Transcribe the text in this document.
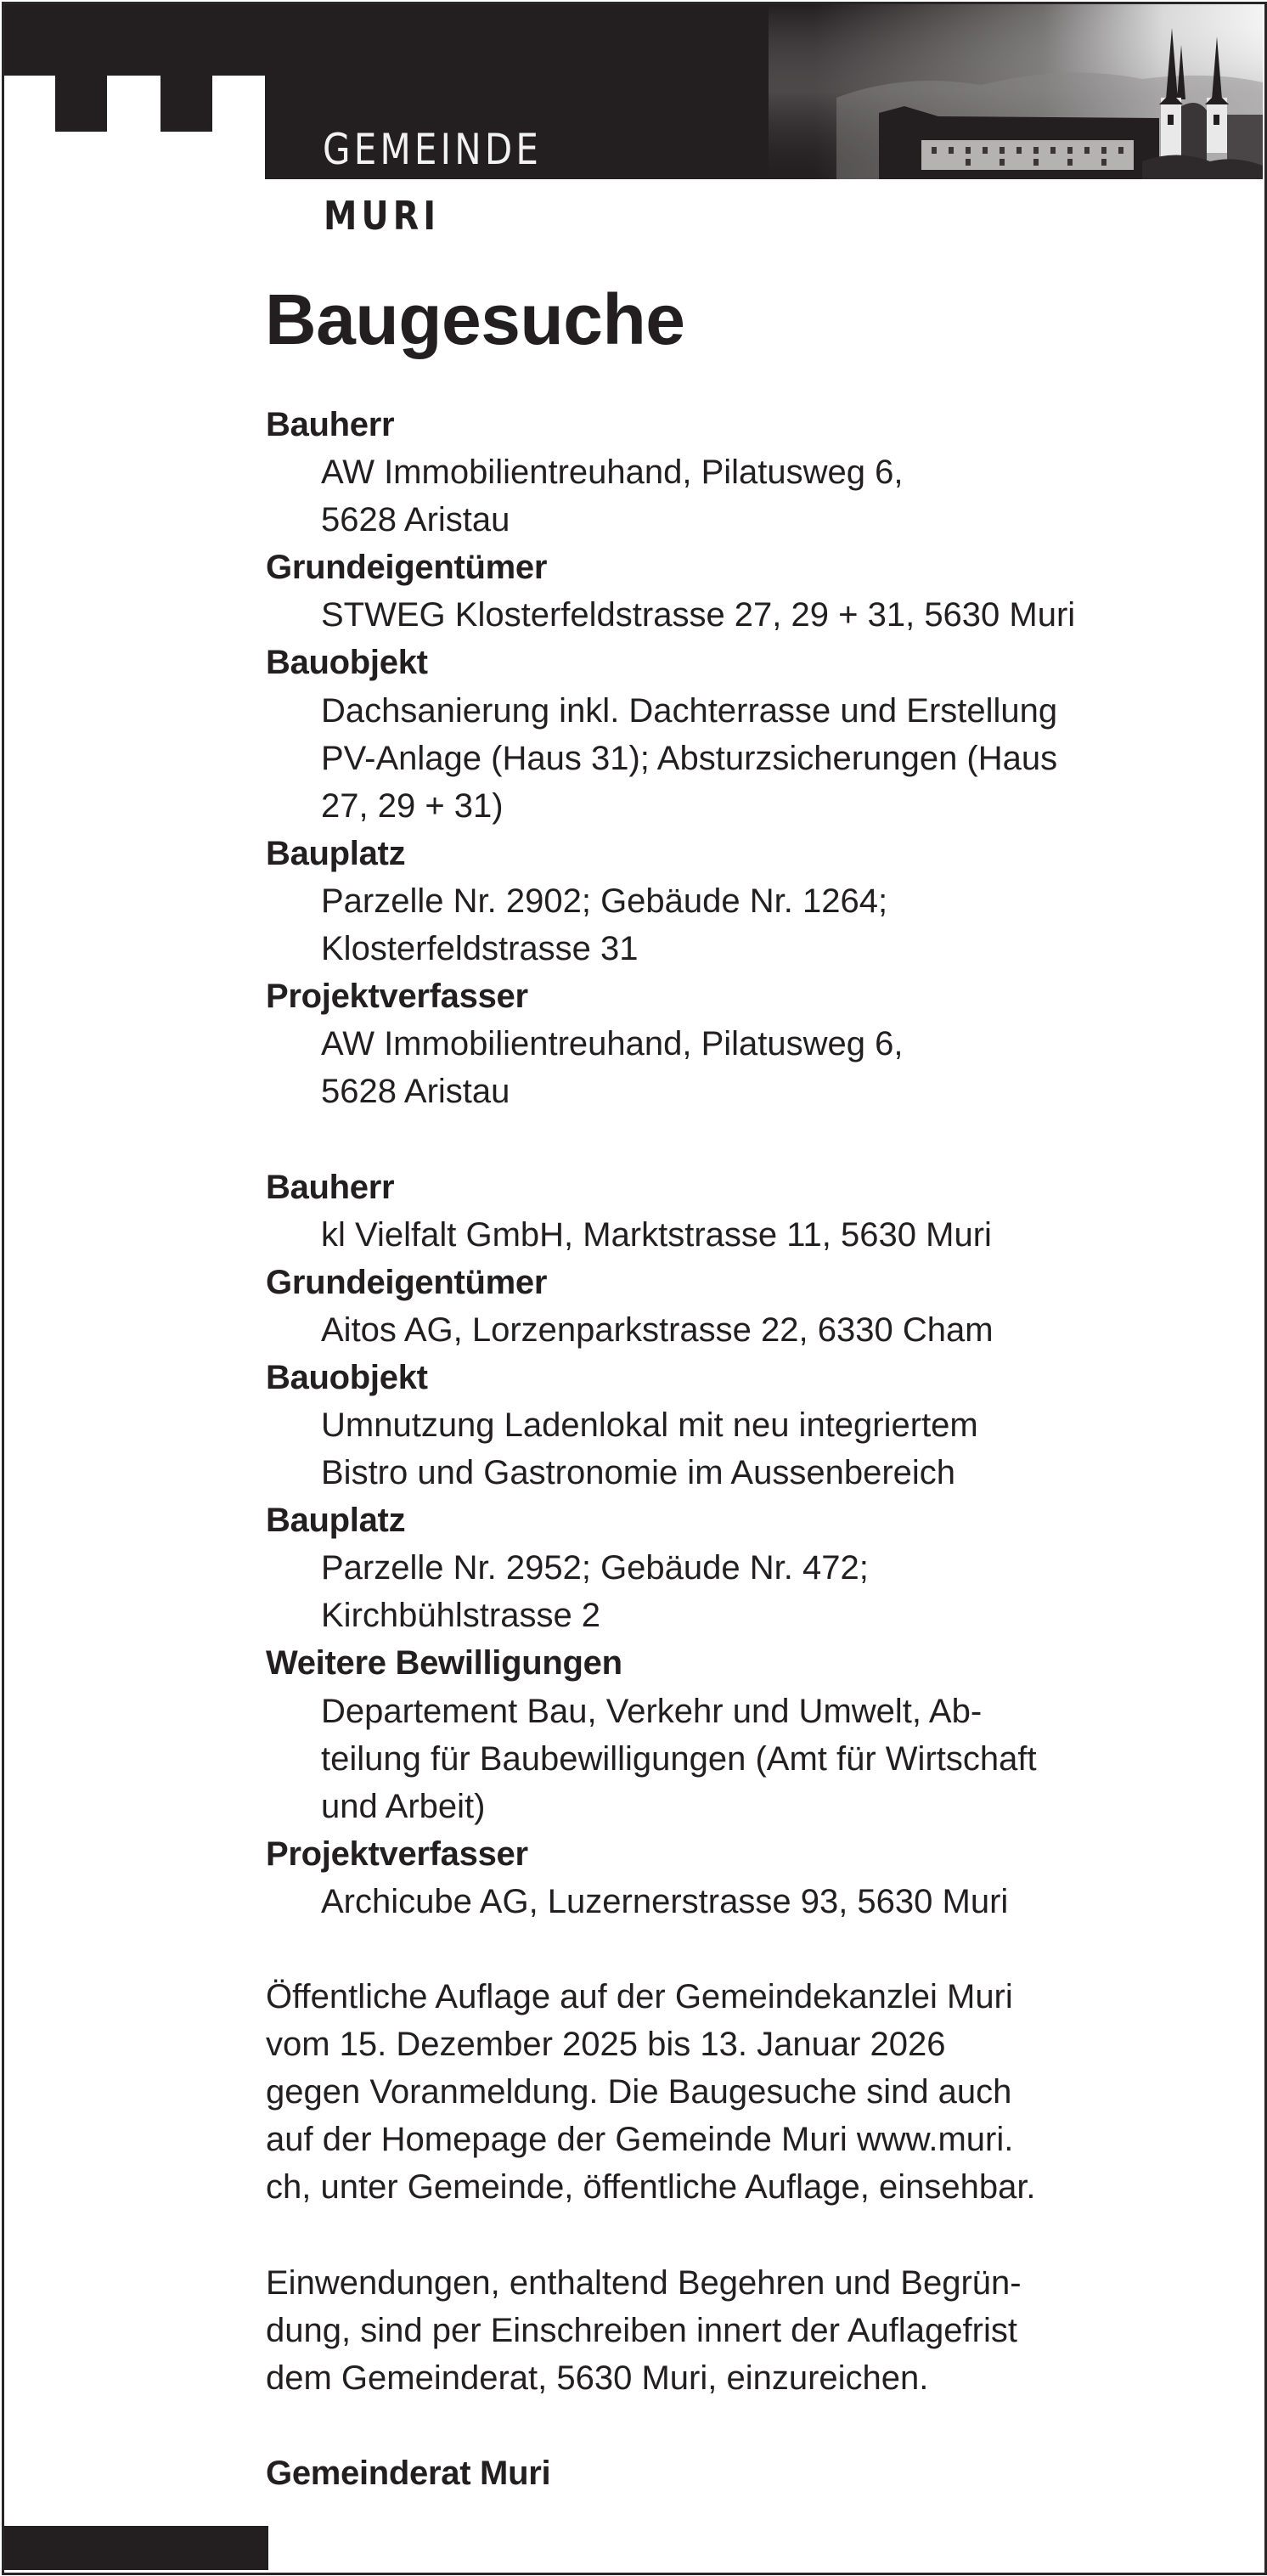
GEMEINDE
MURI
Baugesuche
Bauherr
AW Immobilientreuhand, Pilatusweg 6,
5628 Aristau
Grundeigentümer
STWEG Klosterfeldstrasse 27, 29 + 31, 5630 Muri
Bauobjekt
Dachsanierung inkl. Dachterrasse und Erstellung
PV-Anlage (Haus 31); Absturzsicherungen (Haus
27, 29 + 31)
Bauplatz
Parzelle Nr. 2902; Gebäude Nr. 1264;
Klosterfeldstrasse 31
Projektverfasser
AW Immobilientreuhand, Pilatusweg 6,
5628 Aristau
Bauherr
kl Vielfalt GmbH, Marktstrasse 11, 5630 Muri
Grundeigentümer
Aitos AG, Lorzenparkstrasse 22, 6330 Cham
Bauobjekt
Umnutzung Ladenlokal mit neu integriertem
Bistro und Gastronomie im Aussenbereich
Bauplatz
Parzelle Nr. 2952; Gebäude Nr. 472;
Kirchbühlstrasse 2
Weitere Bewilligungen
Departement Bau, Verkehr und Umwelt, Ab-
teilung für Baubewilligungen (Amt für Wirtschaft
und Arbeit)
Projektverfasser
Archicube AG, Luzernerstrasse 93, 5630 Muri
Öffentliche Auflage auf der Gemeindekanzlei Muri
vom 15. Dezember 2025 bis 13. Januar 2026
gegen Voranmeldung. Die Baugesuche sind auch
auf der Homepage der Gemeinde Muri www.muri.
ch, unter Gemeinde, öffentliche Auflage, einsehbar.
Einwendungen, enthaltend Begehren und Begrün-
dung, sind per Einschreiben innert der Auflagefrist
dem Gemeinderat, 5630 Muri, einzureichen.
Gemeinderat Muri
